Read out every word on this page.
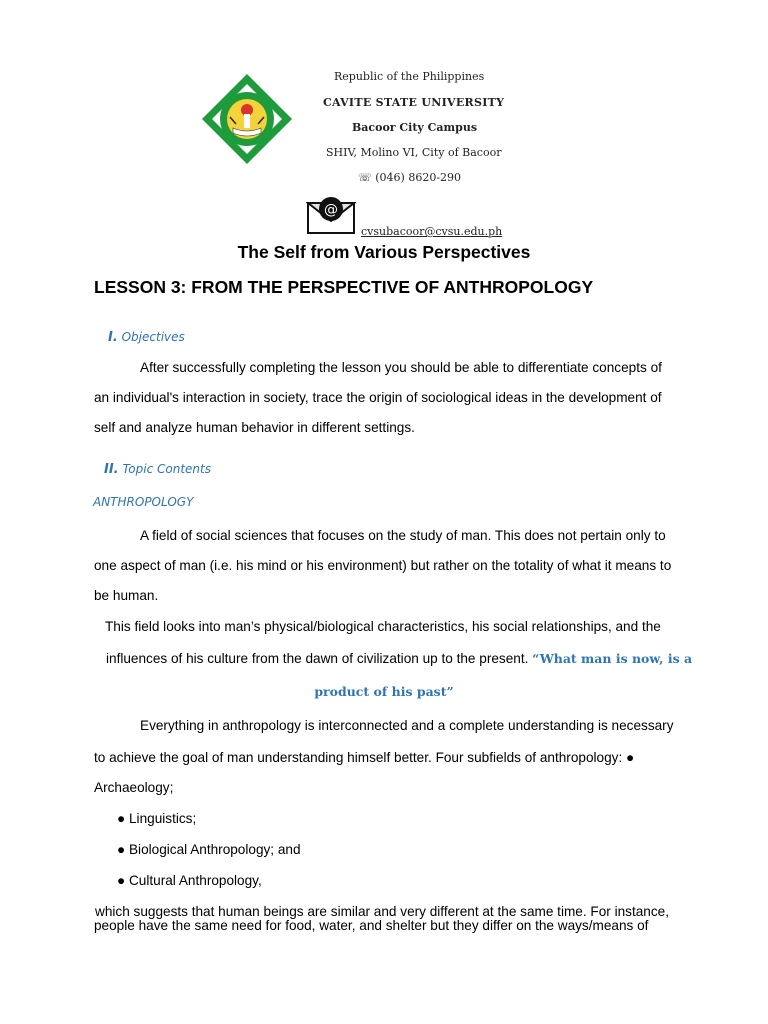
Republic of the Philippines
CAVITE STATE UNIVERSITY
Bacoor City Campus
SHIV, Molino VI, City of Bacoor
☏ (046) 8620-290
@
cvsubacoor@cvsu.edu.ph
The Self from Various Perspectives
LESSON 3: FROM THE PERSPECTIVE OF ANTHROPOLOGY
I. Objectives
After successfully completing the lesson you should be able to differentiate concepts of
an individual's interaction in society, trace the origin of sociological ideas in the development of
self and analyze human behavior in different settings.
II. Topic Contents
ANTHROPOLOGY
A field of social sciences that focuses on the study of man. This does not pertain only to
one aspect of man (i.e. his mind or his environment) but rather on the totality of what it means to
be human.
This field looks into man’s physical/biological characteristics, his social relationships, and the
influences of his culture from the dawn of civilization up to the present. “What man is now, is a
product of his past”
Everything in anthropology is interconnected and a complete understanding is necessary
to achieve the goal of man understanding himself better. Four subfields of anthropology: ●
Archaeology;
● Linguistics;
● Biological Anthropology; and
● Cultural Anthropology,
which suggests that human beings are similar and very different at the same time. For instance,
people have the same need for food, water, and shelter but they differ on the ways/means of
